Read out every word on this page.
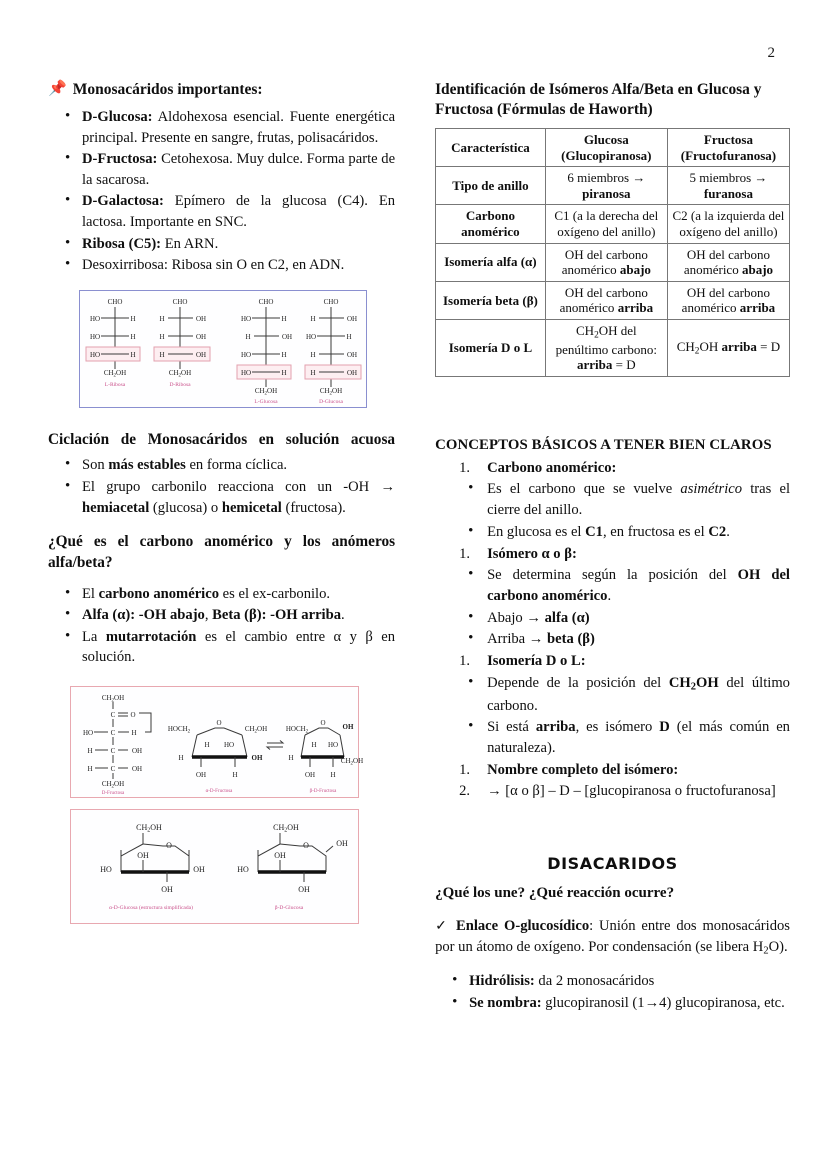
2
📌 Monosacáridos importantes:
• D-Glucosa: Aldohexosa esencial. Fuente energética principal. Presente en sangre, frutas, polisacáridos.
• D-Fructosa: Cetohexosa. Muy dulce. Forma parte de la sacarosa.
• D-Galactosa: Epímero de la glucosa (C4). En lactosa. Importante en SNC.
• Ribosa (C5): En ARN.
• Desoxirribosa: Ribosa sin O en C2, en ADN.
CHO
HO	H
HO	H
HO	H
$CH_2OH$
L-Ribosa
CHO
H	OH
H	OH
H	OH
$CH_2OH$
D-Ribosa
CHO
HO	H
H	OH
HO	H
HO	H
$CH_2OH$
L-Glucosa
CHO
H	OH
HO	H
H	OH
H	OH
$CH_2OH$
D-Glucosa
Ciclación de Monosacáridos en solución acuosa
• Son más estables en forma cíclica.
• El grupo carbonilo reacciona con un -OH → hemiacetal (glucosa) o hemicetal (fructosa).
¿Qué es el carbono anomérico y los anómeros alfa/beta?
• El carbono anomérico es el ex-carbonilo.
• Alfa (α): -OH abajo, Beta (β): -OH arriba.
• La mutarrotación es el cambio entre α y β en solución.
$CH_2OH$
C O
HO	C H
H	C OH
H	C OH
$CH_2OH$
D-Fructosa
$HOCH_2$
O
$CH_2OH$
H
H HO
OH
OH	H
α-D-Fructosa
$HOCH_2$
O OH
H
H HO
$CH_2OH$
OH H
β-D-Fructosa
CH2OH
O
HO
OH
OH
OH
α-D-Glucosa (estructura simplificada)
CH2OH
O
HO
OH
OH
OH
β-D-Glucosa
Identificación de Isómeros Alfa/Beta en Glucosa y Fructosa (Fórmulas de Haworth)
Característica	Glucosa (Glucopiranosa)	Fructosa (Fructofuranosa)
Tipo de anillo	6 miembros → piranosa	5 miembros → furanosa
Carbono anomérico	C1 (a la derecha del oxígeno del anillo)	C2 (a la izquierda del oxígeno del anillo)
Isomería alfa (α)	OH del carbono anomérico abajo	OH del carbono anomérico abajo
Isomería beta (β)	OH del carbono anomérico arriba	OH del carbono anomérico arriba
Isomería D o L	$CH_2OH$ del penúltimo carbono: arriba = D	$CH_2OH$ arriba = D
CONCEPTOS BÁSICOS A TENER BIEN CLAROS
1. Carbono anomérico:
• Es el carbono que se vuelve asimétrico tras el cierre del anillo.
• En glucosa es el C1, en fructosa es el C2.
1. Isómero α o β:
• Se determina según la posición del OH del carbono anomérico.
• Abajo → alfa (α)
• Arriba → beta (β)
1. Isomería D o L:
• Depende de la posición del $CH_2OH$ del último carbono.
• Si está arriba, es isómero D (el más común en naturaleza).
1. Nombre completo del isómero:
2. → [α o β] – D – [glucopiranosa o fructofuranosa]
DISACARIDOS
¿Qué los une? ¿Qué reacción ocurre?
✓ Enlace O-glucosídico: Unión entre dos monosacáridos por un átomo de oxígeno. Por condensación (se libera $H_2O$).
• Hidrólisis: da 2 monosacáridos
• Se nombra: glucopiranosil (1→4) glucopiranosa, etc.
